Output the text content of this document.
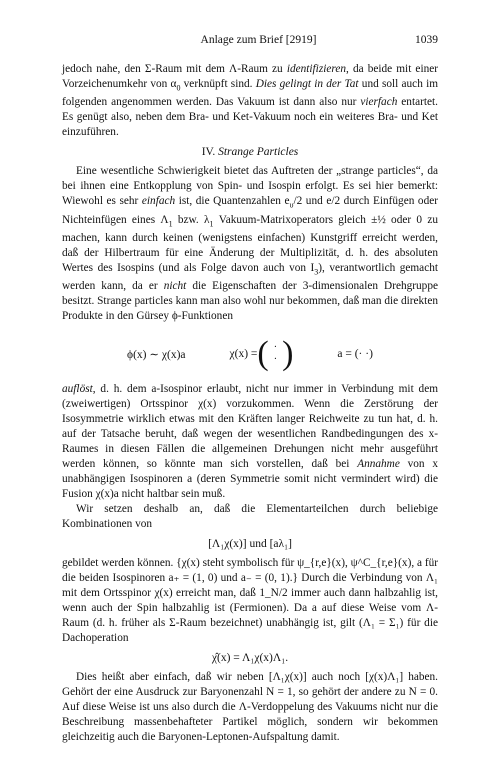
Anlage zum Brief [2919]	1039

jedoch nahe, den Σ-Raum mit dem Λ-Raum zu identifizieren, da beide mit einer Vorzeichenumkehr von $\alpha_0$ verknüpft sind. Dies gelingt in der Tat und soll auch im folgenden angenommen werden. Das Vakuum ist dann also nur vierfach entartet. Es genügt also, neben dem Bra- und Ket-Vakuum noch ein weiteres Bra- und Ket einzuführen.

IV. Strange Particles

Eine wesentliche Schwierigkeit bietet das Auftreten der „strange particles“, da bei ihnen eine Entkopplung von Spin- und Isospin erfolgt. Es sei hier bemerkt: Wiewohl es sehr einfach ist, die Quantenzahlen $e_\upsilon/2$ und e/2 durch Einfügen oder Nichteinfügen eines $\Lambda_1$ bzw. $\lambda_1$ Vakuum-Matrixoperators gleich ±½ oder 0 zu machen, kann durch keinen (wenigstens einfachen) Kunstgriff erreicht werden, daß der Hilbertraum für eine Änderung der Multiplizität, d. h. des absoluten Wertes des Isospins (und als Folge davon auch von $I_3$), verantwortlich gemacht werden kann, da er nicht die Eigenschaften der 3-dimensionalen Drehgruppe besitzt. Strange particles kann man also wohl nur bekommen, daß man die direkten Produkte in den Gürsey ϕ-Funktionen

ϕ(x) ∼ χ(x)a	χ(x) = ( ·
· )	a = (· ·)

auflöst, d. h. dem a-Isospinor erlaubt, nicht nur immer in Verbindung mit dem (zweiwertigen) Ortsspinor χ(x) vorzukommen. Wenn die Zerstörung der Isosymmetrie wirklich etwas mit den Kräften langer Reichweite zu tun hat, d. h. auf der Tatsache beruht, daß wegen der wesentlichen Randbedingungen des x-Raumes in diesen Fällen die allgemeinen Drehungen nicht mehr ausgeführt werden können, so könnte man sich vorstellen, daß bei Annahme von x unabhängigen Isospinoren a (deren Symmetrie somit nicht vermindert wird) die Fusion χ(x)a nicht haltbar sein muß.

Wir setzen deshalb an, daß die Elementarteilchen durch beliebige Kombinationen von

[Λ₁χ(x)] und [aλ₁]

gebildet werden können. {χ(x) steht symbolisch für ψ_{r,e}(x), ψ^C_{r,e}(x), a für die beiden Isospinoren a₊ = (1, 0) und a₋ = (0, 1).} Durch die Verbindung von Λ₁ mit dem Ortsspinor χ(x) erreicht man, daß 1_N/2 immer auch dann halbzahlig ist, wenn auch der Spin halbzahlig ist (Fermionen). Da a auf diese Weise vom Λ-Raum (d. h. früher als Σ-Raum bezeichnet) unabhängig ist, gilt (Λ₁ = Σ₁) für die Dachoperation

χ̂(x) = Λ₁χ(x)Λ₁.

Dies heißt aber einfach, daß wir neben [Λ₁χ(x)] auch noch [χ(x)Λ₁] haben. Gehört der eine Ausdruck zur Baryonenzahl N = 1, so gehört der andere zu N = 0. Auf diese Weise ist uns also durch die Λ-Verdoppelung des Vakuums nicht nur die Beschreibung massenbehafteter Partikel möglich, sondern wir bekommen gleichzeitig auch die Baryonen-Leptonen-Aufspaltung damit.
